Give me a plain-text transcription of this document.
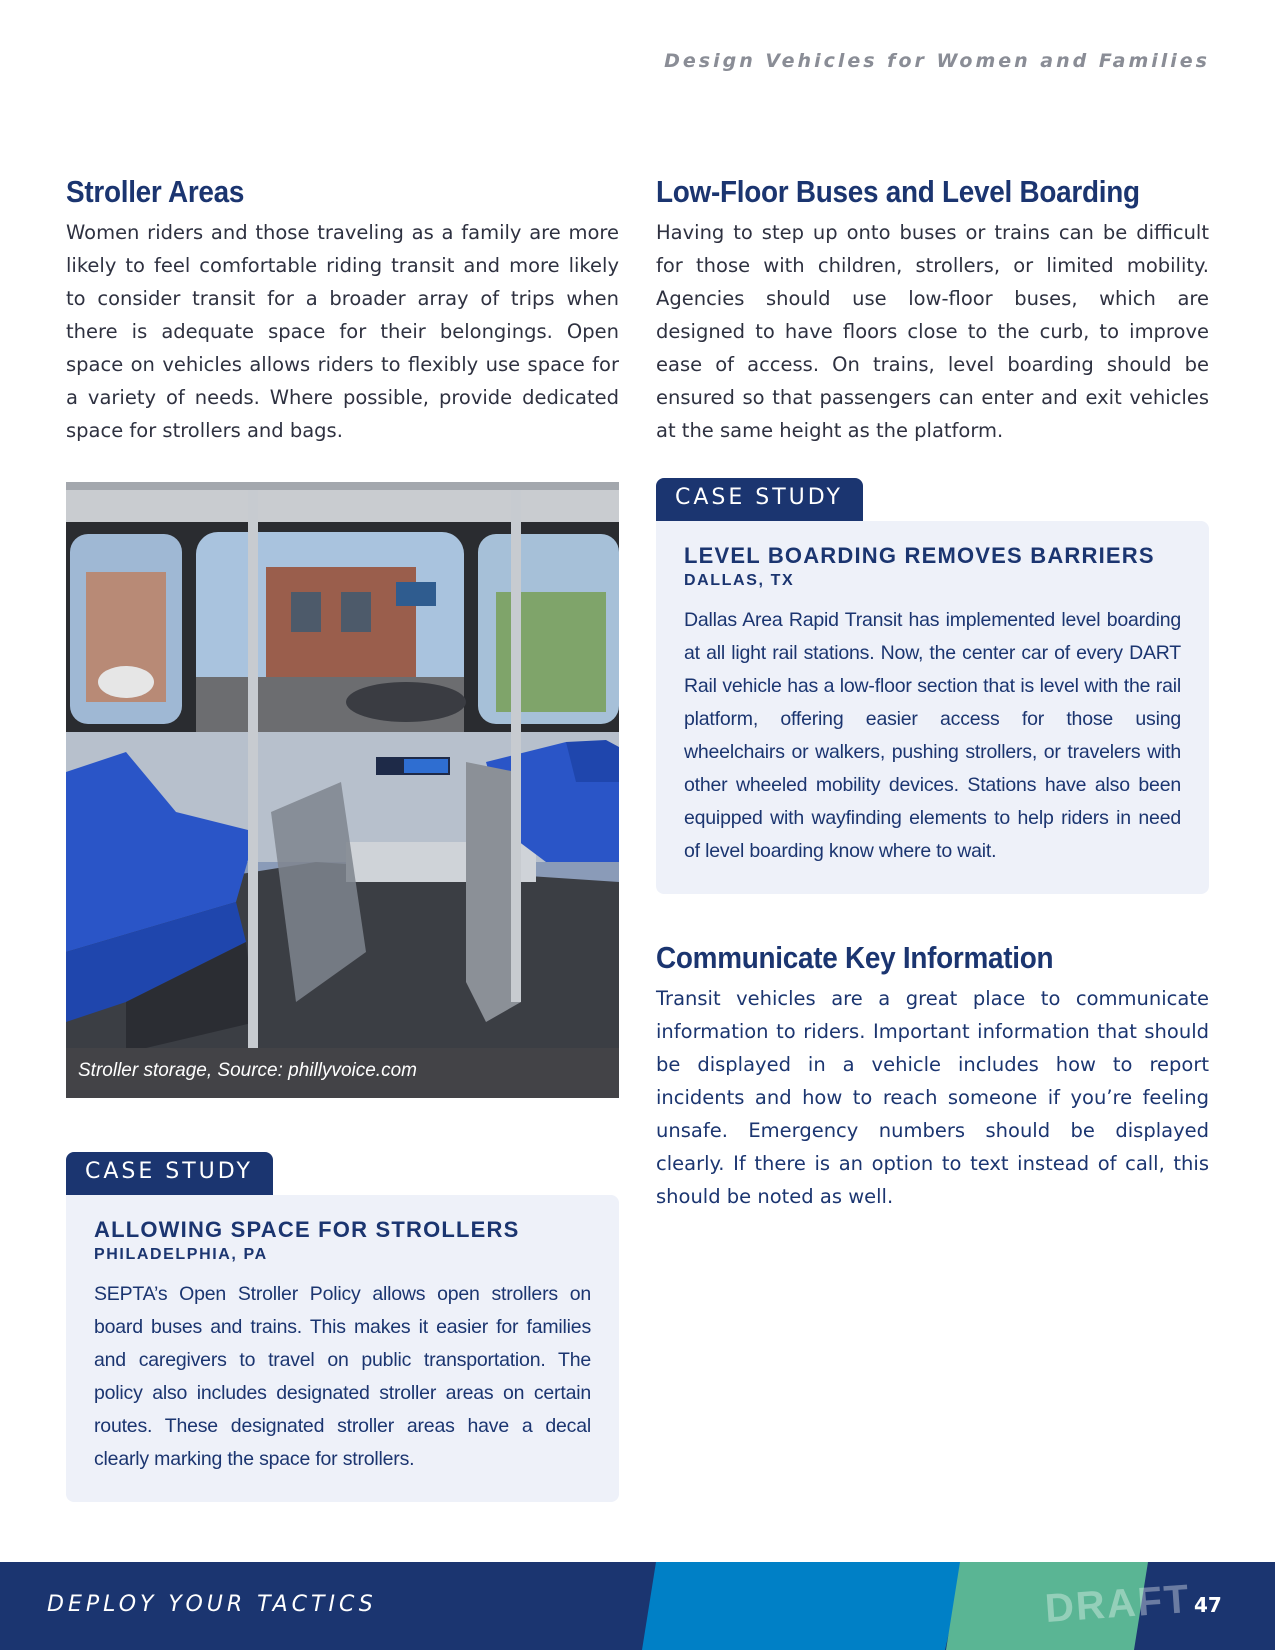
Design Vehicles for Women and Families
Stroller Areas

Women riders and those traveling as a family are more likely to feel comfortable riding transit and more likely to consider transit for a broader array of trips when there is adequate space for their belongings. Open space on vehicles allows riders to flexibly use space for a variety of needs. Where possible, provide dedicated space for strollers and bags.

Stroller storage, Source: phillyvoice.com
CASE STUDY
ALLOWING SPACE FOR STROLLERS
PHILADELPHIA, PA

SEPTA’s Open Stroller Policy allows open strollers on board buses and trains. This makes it easier for families and caregivers to travel on public transportation. The policy also includes designated stroller areas on certain routes. These designated stroller areas have a decal clearly marking the space for strollers.

Low-Floor Buses and Level Boarding

Having to step up onto buses or trains can be difficult for those with children, strollers, or limited mobility. Agencies should use low-floor buses, which are designed to have floors close to the curb, to improve ease of access. On trains, level boarding should be ensured so that passengers can enter and exit vehicles at the same height as the platform.

CASE STUDY
LEVEL BOARDING REMOVES BARRIERS
DALLAS, TX

Dallas Area Rapid Transit has implemented level boarding at all light rail stations. Now, the center car of every DART Rail vehicle has a low-floor section that is level with the rail platform, offering easier access for those using wheelchairs or walkers, pushing strollers, or travelers with other wheeled mobility devices. Stations have also been equipped with wayfinding elements to help riders in need of level boarding know where to wait.

Communicate Key Information

Transit vehicles are a great place to communicate information to riders. Important information that should be displayed in a vehicle includes how to report incidents and how to reach someone if you’re feeling unsafe. Emergency numbers should be displayed clearly. If there is an option to text instead of call, this should be noted as well.

DEPLOY YOUR TACTICS	DRAFT 47
